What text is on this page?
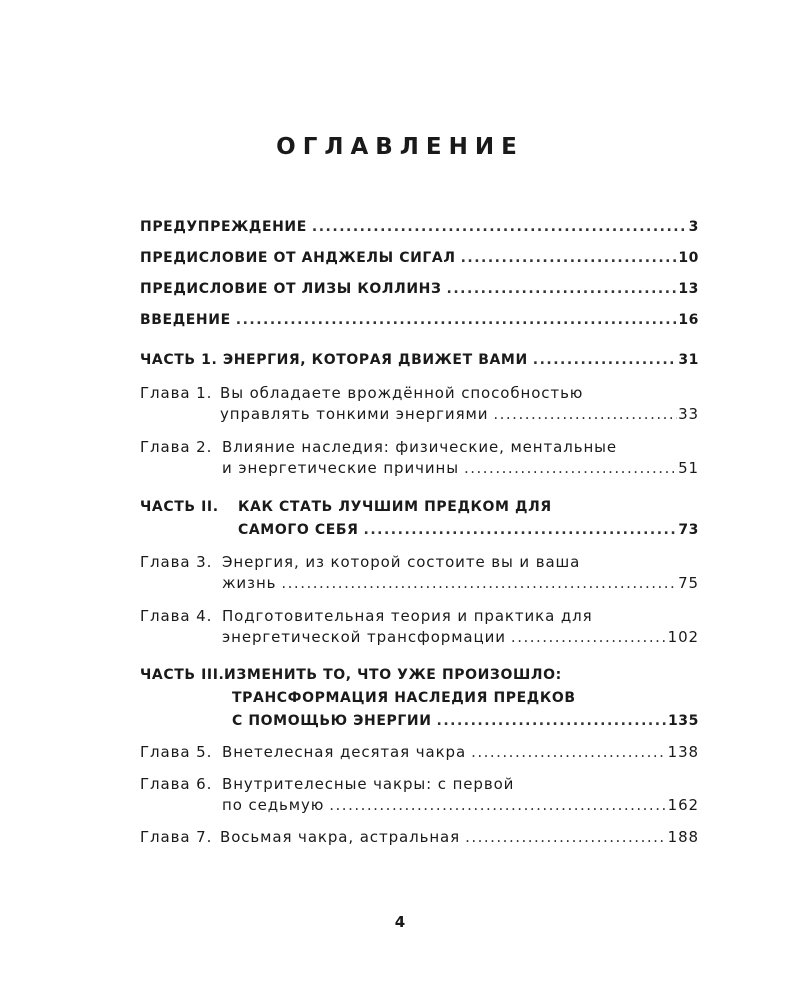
ОГЛАВЛЕНИЕ
ПРЕДУПРЕЖДЕНИЕ .....	3
ПРЕДИСЛОВИЕ ОТ АНДЖЕЛЫ СИГАЛ .....	10
ПРЕДИСЛОВИЕ ОТ ЛИЗЫ КОЛЛИНЗ .....	13
ВВЕДЕНИЕ .....	16
ЧАСТЬ 1. ЭНЕРГИЯ, КОТОРАЯ ДВИЖЕТ ВАМИ .....	31
Глава 1. Вы обладаете врождённой способностью
управлять тонкими энергиями .....	33
Глава 2. Влияние наследия: физические, ментальные
и энергетические причины .....	51
ЧАСТЬ II. КАК СТАТЬ ЛУЧШИМ ПРЕДКОМ ДЛЯ
САМОГО СЕБЯ .....	73
Глава 3. Энергия, из которой состоите вы и ваша
жизнь .....	75
Глава 4. Подготовительная теория и практика для
энергетической трансформации .....	102
ЧАСТЬ III. ИЗМЕНИТЬ ТО, ЧТО УЖЕ ПРОИЗОШЛО:
ТРАНСФОРМАЦИЯ НАСЛЕДИЯ ПРЕДКОВ
С ПОМОЩЬЮ ЭНЕРГИИ .....	135
Глава 5. Внетелесная десятая чакра .....	138
Глава 6. Внутрителесные чакры: с первой
по седьмую .....	162
Глава 7. Восьмая чакра, астральная .....	188
4
